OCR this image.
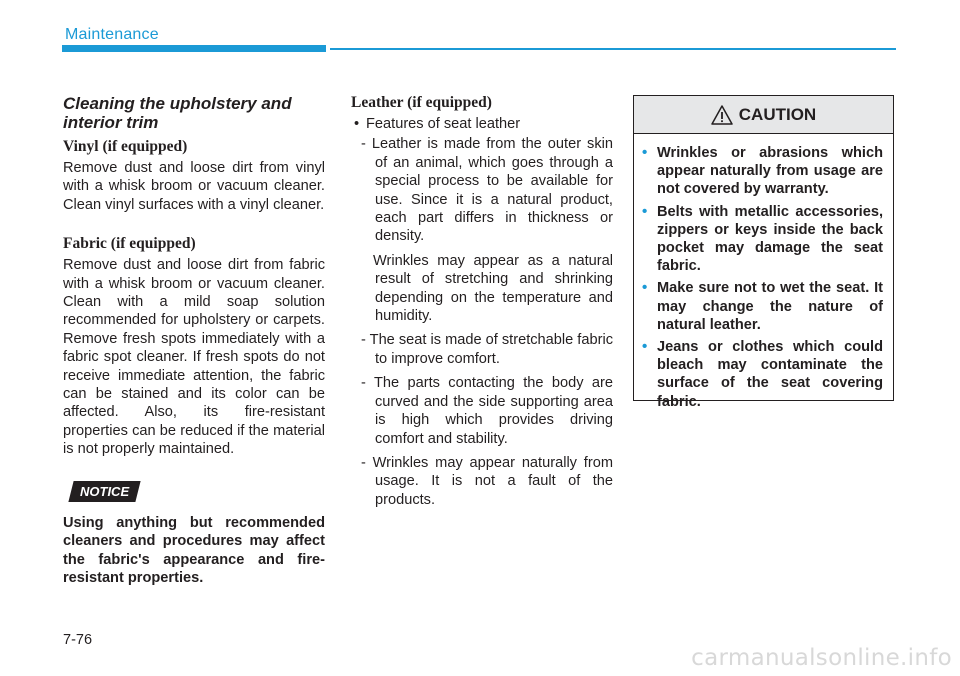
Maintenance
Cleaning the upholstery and
interior trim
Vinyl (if equipped)

Remove dust and loose dirt from vinyl with a whisk broom or vacuum cleaner. Clean vinyl surfaces with a vinyl cleaner.

Fabric (if equipped)

Remove dust and loose dirt from fabric with a whisk broom or vacuum cleaner. Clean with a mild soap solution recommended for upholstery or carpets. Remove fresh spots immediately with a fabric spot cleaner. If fresh spots do not receive immediate attention, the fabric can be stained and its color can be affected. Also, its fire-resistant properties can be reduced if the material is not properly maintained.

NOTICE

Using anything but recommended cleaners and procedures may affect the fabric's appearance and fire-resistant properties.

Leather (if equipped)
• Features of seat leather

- Leather is made from the outer skin of an animal, which goes through a special process to be available for use. Since it is a natural product, each part differs in thickness or density.

Wrinkles may appear as a natural result of stretching and shrinking depending on the temperature and humidity.

- The seat is made of stretchable fabric to improve comfort.

- The parts contacting the body are curved and the side supporting area is high which provides driving comfort and stability.

- Wrinkles may appear naturally from usage. It is not a fault of the products.

CAUTION
• Wrinkles or abrasions which appear naturally from usage are not covered by warranty.
• Belts with metallic accessories, zippers or keys inside the back pocket may damage the seat fabric.
• Make sure not to wet the seat. It may change the nature of natural leather.
• Jeans or clothes which could bleach may contaminate the surface of the seat covering fabric.
7-76
carmanualsonline.info
